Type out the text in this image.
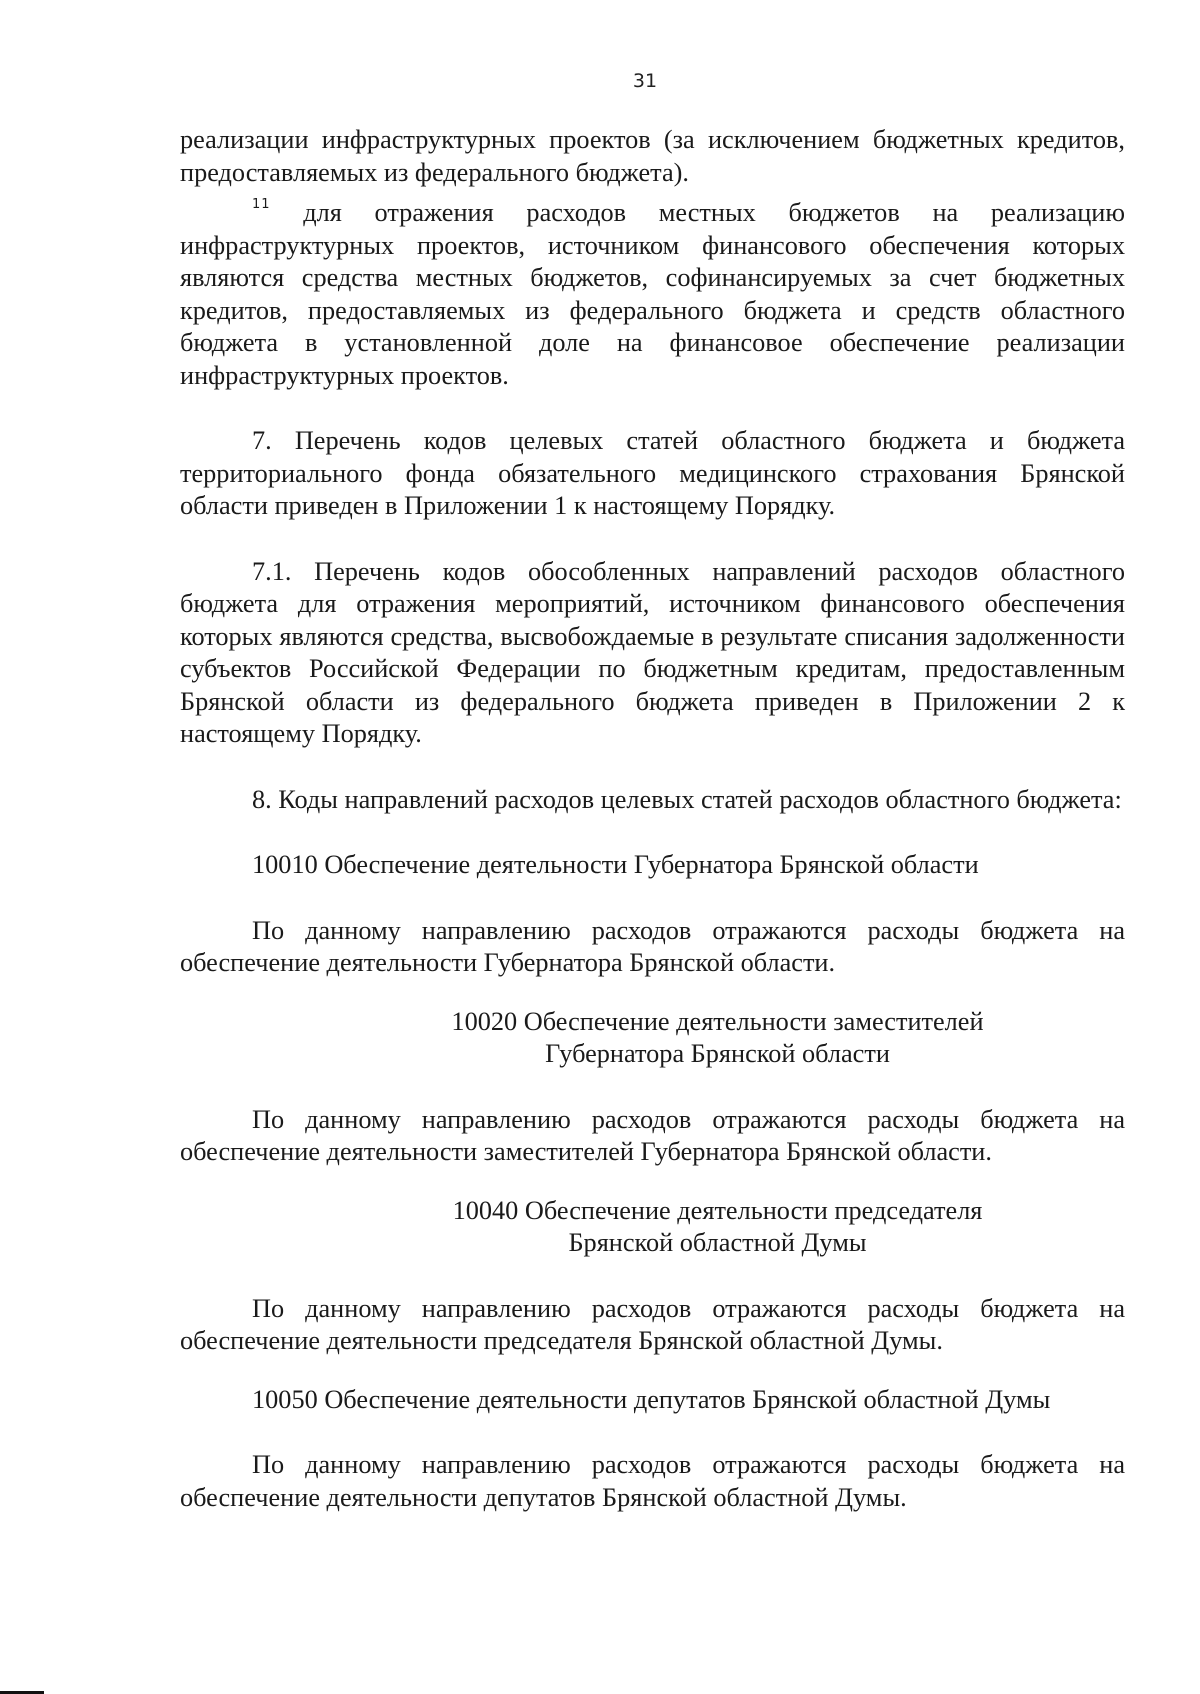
31

реализации инфраструктурных проектов (за исключением бюджетных кредитов, предоставляемых из федерального бюджета).

$^{11}$ для отражения расходов местных бюджетов на реализацию инфраструктурных проектов, источником финансового обеспечения которых являются средства местных бюджетов, софинансируемых за счет бюджетных кредитов, предоставляемых из федерального бюджета и средств областного бюджета в установленной доле на финансовое обеспечение реализации инфраструктурных проектов.

7. Перечень кодов целевых статей областного бюджета и бюджета территориального фонда обязательного медицинского страхования Брянской области приведен в Приложении 1 к настоящему Порядку.

7.1. Перечень кодов обособленных направлений расходов областного бюджета для отражения мероприятий, источником финансового обеспечения которых являются средства, высвобождаемые в результате списания задолженности субъектов Российской Федерации по бюджетным кредитам, предоставленным Брянской области из федерального бюджета приведен в Приложении 2 к настоящему Порядку.

8. Коды направлений расходов целевых статей расходов областного бюджета:

10010 Обеспечение деятельности Губернатора Брянской области

По данному направлению расходов отражаются расходы бюджета на обеспечение деятельности Губернатора Брянской области.

10020 Обеспечение деятельности заместителей

Губернатора Брянской области

По данному направлению расходов отражаются расходы бюджета на обеспечение деятельности заместителей Губернатора Брянской области.

10040 Обеспечение деятельности председателя

Брянской областной Думы

По данному направлению расходов отражаются расходы бюджета на обеспечение деятельности председателя Брянской областной Думы.

10050 Обеспечение деятельности депутатов Брянской областной Думы

По данному направлению расходов отражаются расходы бюджета на обеспечение деятельности депутатов Брянской областной Думы.
